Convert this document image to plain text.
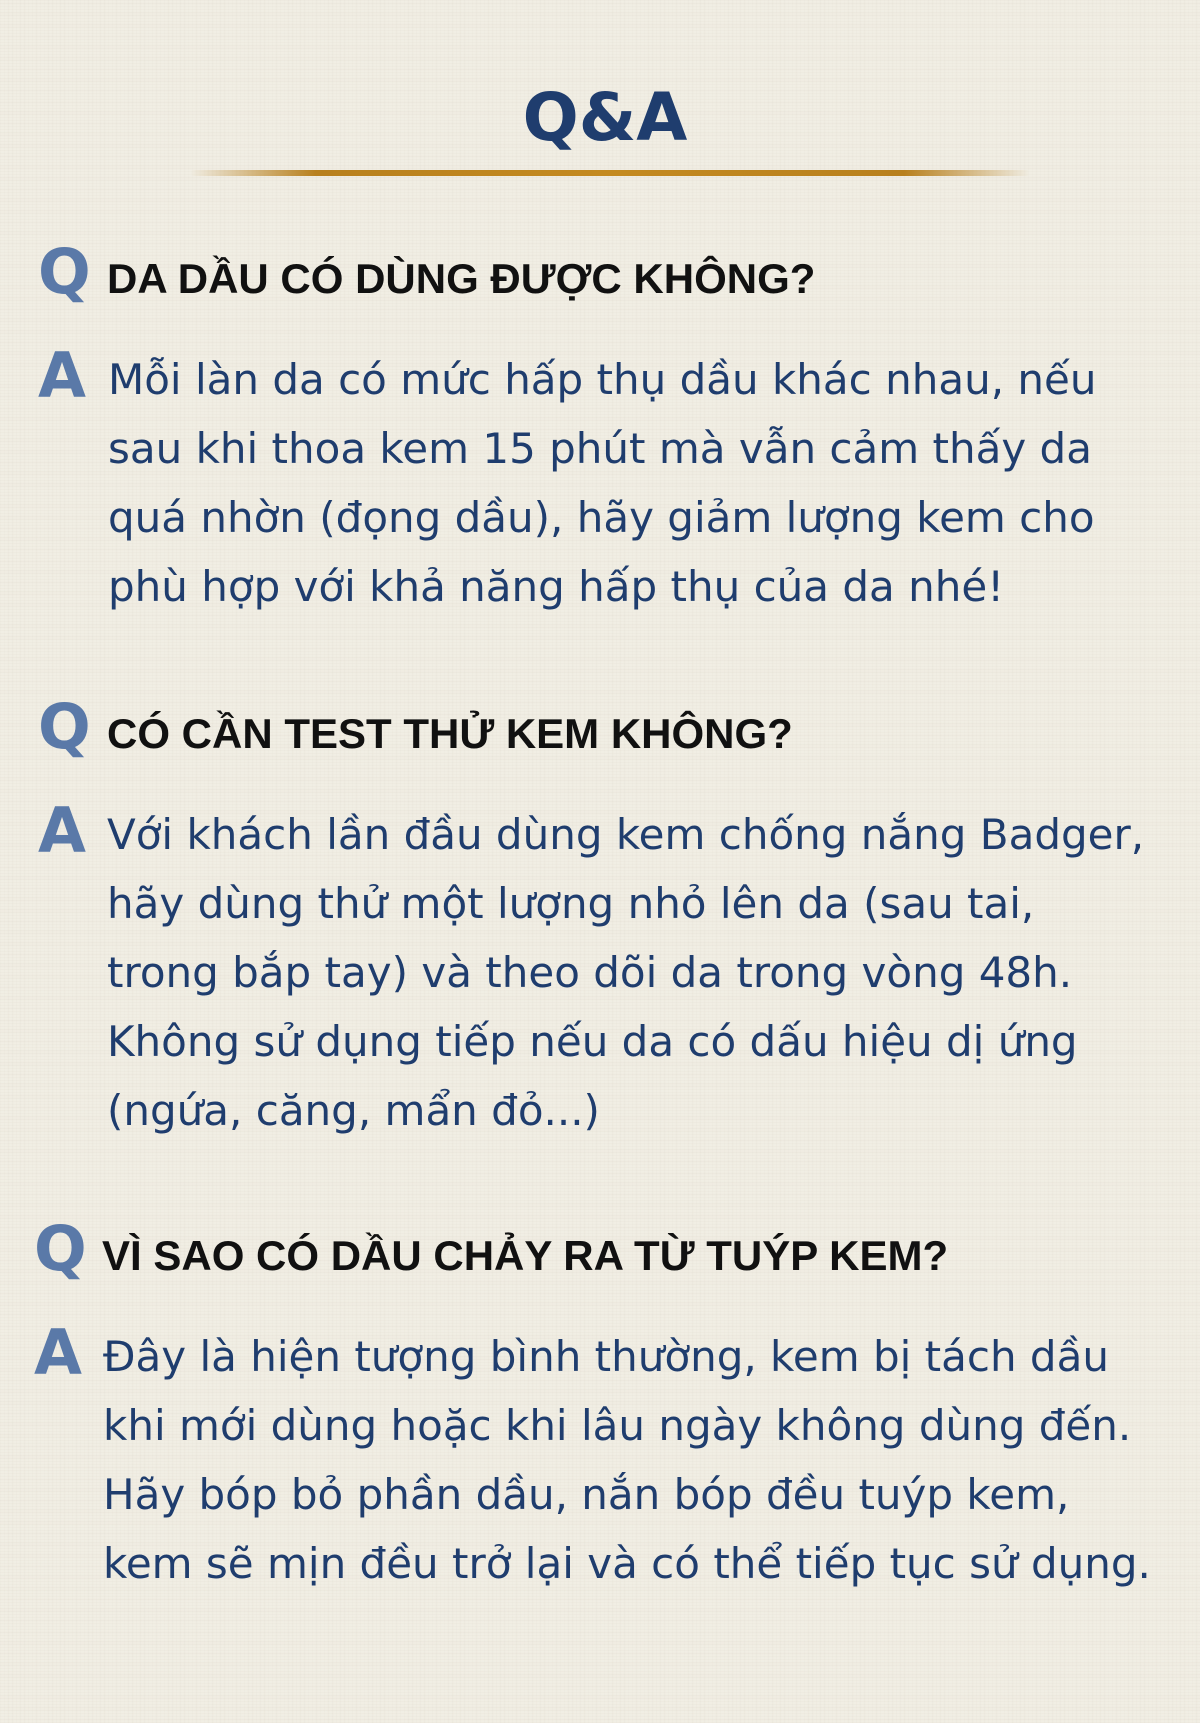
Q&A
Q DA DẦU CÓ DÙNG ĐƯỢC KHÔNG?
A Mỗi làn da có mức hấp thụ dầu khác nhau, nếu
sau khi thoa kem 15 phút mà vẫn cảm thấy da
quá nhờn (đọng dầu), hãy giảm lượng kem cho
phù hợp với khả năng hấp thụ của da nhé!

Q CÓ CẦN TEST THỬ KEM KHÔNG?
A Với khách lần đầu dùng kem chống nắng Badger,
hãy dùng thử một lượng nhỏ lên da (sau tai,
trong bắp tay) và theo dõi da trong vòng 48h.
Không sử dụng tiếp nếu da có dấu hiệu dị ứng
(ngứa, căng, mẩn đỏ...)

Q VÌ SAO CÓ DẦU CHẢY RA TỪ TUÝP KEM?
A Đây là hiện tượng bình thường, kem bị tách dầu
khi mới dùng hoặc khi lâu ngày không dùng đến.
Hãy bóp bỏ phần dầu, nắn bóp đều tuýp kem,
kem sẽ mịn đều trở lại và có thể tiếp tục sử dụng.
